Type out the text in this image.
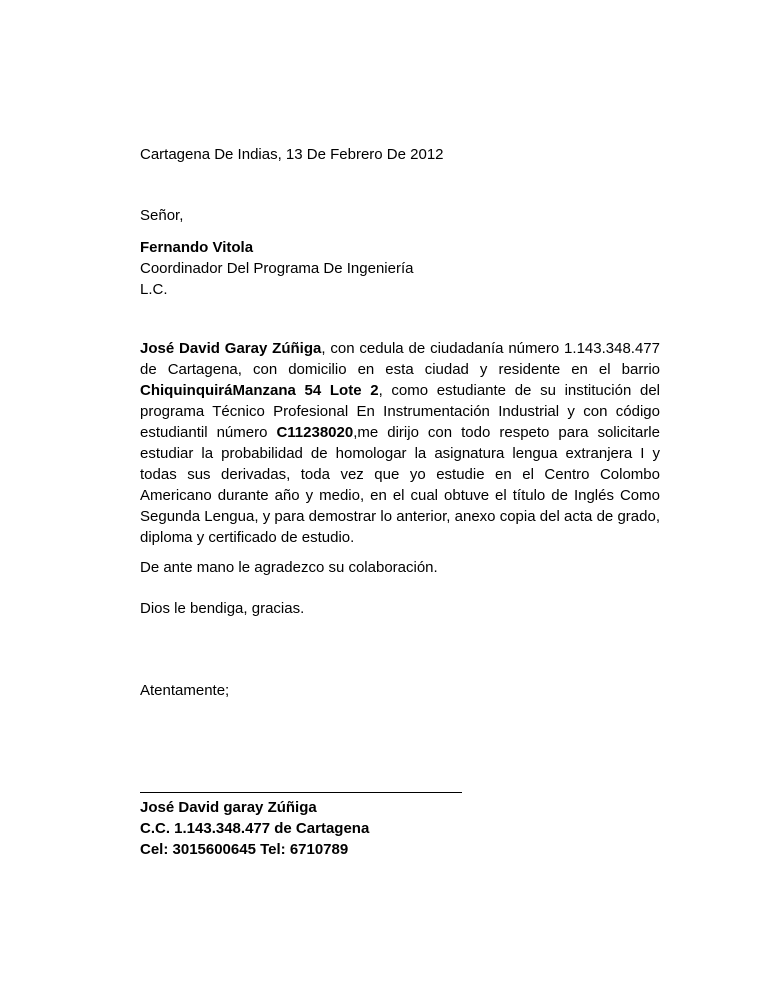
Cartagena De Indias, 13 De Febrero De 2012

Señor,

Fernando Vitola
Coordinador Del Programa De Ingeniería
L.C.

José David Garay Zúñiga, con cedula de ciudadanía número 1.143.348.477 de Cartagena, con domicilio en esta ciudad y residente en el barrio ChiquinquiráManzana 54 Lote 2, como estudiante de su institución del programa Técnico Profesional En Instrumentación Industrial y con código estudiantil número C11238020,me dirijo con todo respeto para solicitarle estudiar la probabilidad de homologar la asignatura lengua extranjera I y todas sus derivadas, toda vez que yo estudie en el Centro Colombo Americano durante año y medio, en el cual obtuve el título de Inglés Como Segunda Lengua, y para demostrar lo anterior, anexo copia del acta de grado, diploma y certificado de estudio.

De ante mano le agradezco su colaboración.

Dios le bendiga, gracias.

Atentamente;

José David garay Zúñiga
C.C. 1.143.348.477 de Cartagena
Cel: 3015600645 Tel: 6710789
